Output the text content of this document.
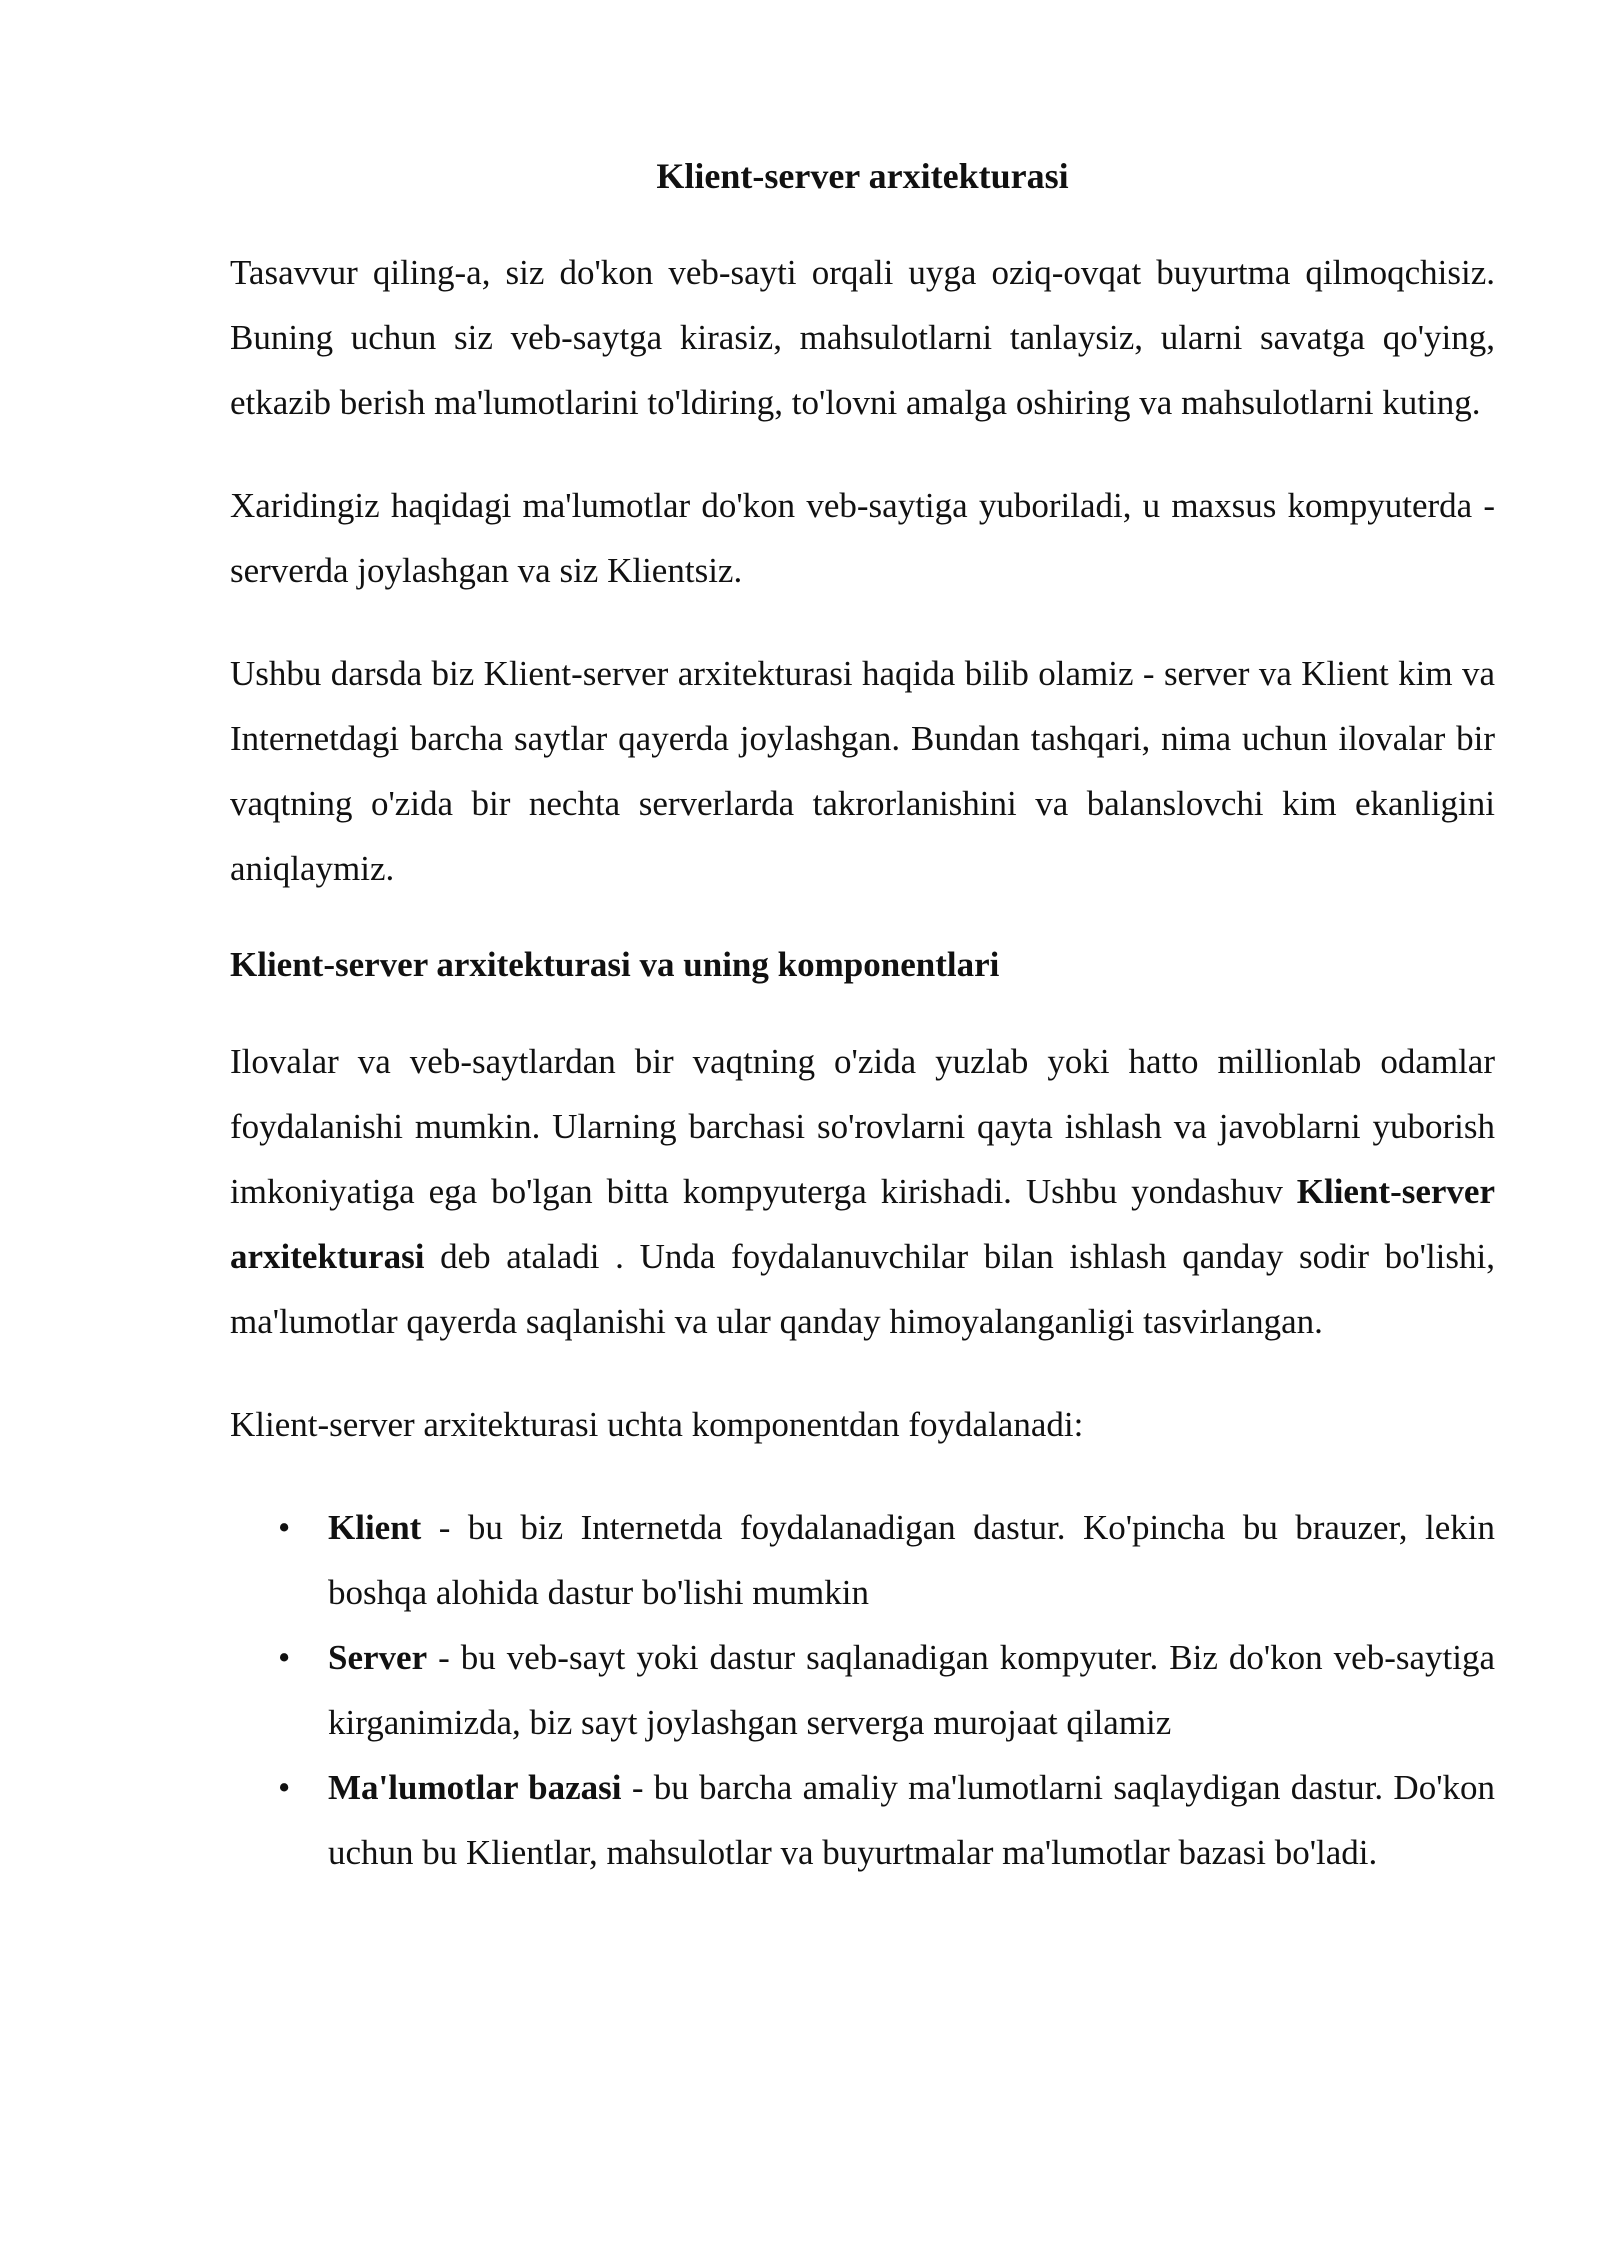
Klient-server arxitekturasi

Tasavvur qiling-a, siz do'kon veb-sayti orqali uyga oziq-ovqat buyurtma qilmoqchisiz. Buning uchun siz veb-saytga kirasiz, mahsulotlarni tanlaysiz, ularni savatga qo'ying, etkazib berish ma'lumotlarini to'ldiring, to'lovni amalga oshiring va mahsulotlarni kuting.

Xaridingiz haqidagi ma'lumotlar do'kon veb-saytiga yuboriladi, u maxsus kompyuterda - serverda joylashgan va siz Klientsiz.

Ushbu darsda biz Klient-server arxitekturasi haqida bilib olamiz - server va Klient kim va Internetdagi barcha saytlar qayerda joylashgan. Bundan tashqari, nima uchun ilovalar bir vaqtning o'zida bir nechta serverlarda takrorlanishini va balanslovchi kim ekanligini aniqlaymiz.

Klient-server arxitekturasi va uning komponentlari

Ilovalar va veb-saytlardan bir vaqtning o'zida yuzlab yoki hatto millionlab odamlar foydalanishi mumkin. Ularning barchasi so'rovlarni qayta ishlash va javoblarni yuborish imkoniyatiga ega bo'lgan bitta kompyuterga kirishadi. Ushbu yondashuv Klient-server arxitekturasi deb ataladi . Unda foydalanuvchilar bilan ishlash qanday sodir bo'lishi, ma'lumotlar qayerda saqlanishi va ular qanday himoyalanganligi tasvirlangan.

Klient-server arxitekturasi uchta komponentdan foydalanadi:

• Klient - bu biz Internetda foydalanadigan dastur. Ko'pincha bu brauzer, lekin boshqa alohida dastur bo'lishi mumkin
• Server - bu veb-sayt yoki dastur saqlanadigan kompyuter. Biz do'kon veb-saytiga kirganimizda, biz sayt joylashgan serverga murojaat qilamiz
• Ma'lumotlar bazasi - bu barcha amaliy ma'lumotlarni saqlaydigan dastur. Do'kon uchun bu Klientlar, mahsulotlar va buyurtmalar ma'lumotlar bazasi bo'ladi.
